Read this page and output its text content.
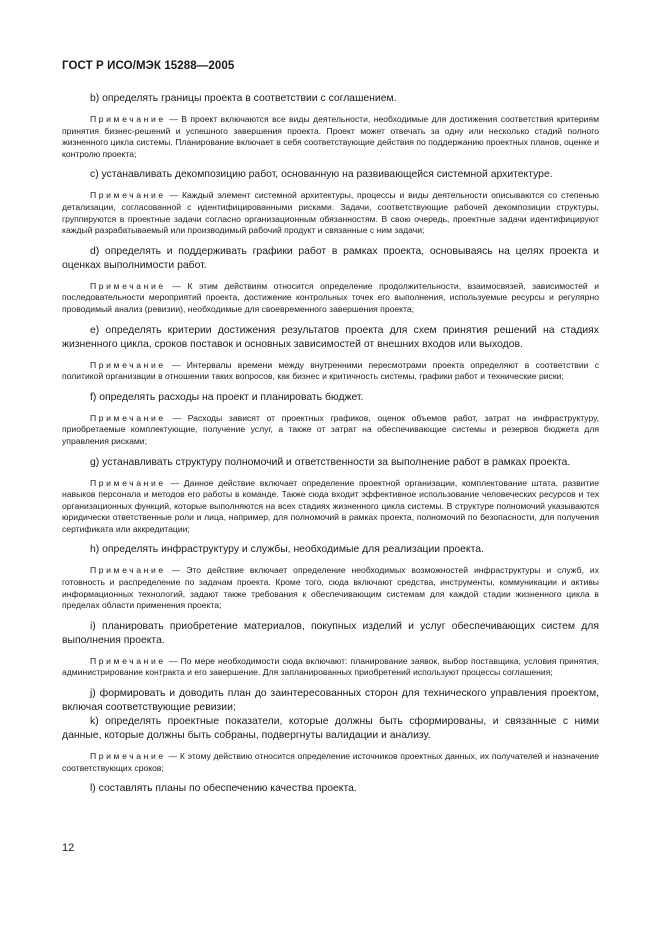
ГОСТ Р ИСО/МЭК 15288—2005

b) определять границы проекта в соответствии с соглашением.

Примечание — В проект включаются все виды деятельности, необходимые для достижения соответствия критериям принятия бизнес-решений и успешного завершения проекта. Проект может отвечать за одну или несколько стадий полного жизненного цикла системы. Планирование включает в себя соответствующие действия по поддержанию проектных планов, оценке и контролю проекта;

c) устанавливать декомпозицию работ, основанную на развивающейся системной архитектуре.

Примечание — Каждый элемент системной архитектуры, процессы и виды деятельности описываются со степенью детализации, согласованной с идентифицированными рисками. Задачи, соответствующие рабочей декомпозиции структуры, группируются в проектные задачи согласно организационным обязанностям. В свою очередь, проектные задачи идентифицируют каждый разрабатываемый или производимый рабочий продукт и связанные с ним задачи;

d) определять и поддерживать графики работ в рамках проекта, основываясь на целях проекта и оценках выполнимости работ.

Примечание — К этим действиям относится определение продолжительности, взаимосвязей, зависимостей и последовательности мероприятий проекта, достижение контрольных точек его выполнения, используемые ресурсы и регулярно проводимый анализ (ревизии), необходимые для своевременного завершения проекта;

e) определять критерии достижения результатов проекта для схем принятия решений на стадиях жизненного цикла, сроков поставок и основных зависимостей от внешних входов или выходов.

Примечание — Интервалы времени между внутренними пересмотрами проекта определяют в соответствии с политикой организации в отношении таких вопросов, как бизнес и критичность системы, графики работ и технические риски;

f) определять расходы на проект и планировать бюджет.

Примечание — Расходы зависят от проектных графиков, оценок объемов работ, затрат на инфраструктуру, приобретаемые комплектующие, получение услуг, а также от затрат на обеспечивающие системы и резервов бюджета для управления рисками;

g) устанавливать структуру полномочий и ответственности за выполнение работ в рамках проекта.

Примечание — Данное действие включает определение проектной организации, комплектование штата, развитие навыков персонала и методов его работы в команде. Также сюда входит эффективное использование человеческих ресурсов и тех организационных функций, которые выполняются на всех стадиях жизненного цикла системы. В структуре полномочий указываются юридически ответственные роли и лица, например, для полномочий в рамках проекта, полномочий по безопасности, для получения сертификата или аккредитации;

h) определять инфраструктуру и службы, необходимые для реализации проекта.

Примечание — Это действие включает определение необходимых возможностей инфраструктуры и служб, их готовность и распределение по задачам проекта. Кроме того, сюда включают средства, инструменты, коммуникации и активы информационных технологий, задают также требования к обеспечивающим системам для каждой стадии жизненного цикла в пределах области применения проекта;

i) планировать приобретение материалов, покупных изделий и услуг обеспечивающих систем для выполнения проекта.

Примечание — По мере необходимости сюда включают: планирование заявок, выбор поставщика, условия принятия, администрирование контракта и его завершение. Для запланированных приобретений используют процессы соглашения;

j) формировать и доводить план до заинтересованных сторон для технического управления проектом, включая соответствующие ревизии;

k) определять проектные показатели, которые должны быть сформированы, и связанные с ними данные, которые должны быть собраны, подвергнуты валидации и анализу.

Примечание — К этому действию относится определение источников проектных данных, их получателей и назначение соответствующих сроков;

l) составлять планы по обеспечению качества проекта.

12
